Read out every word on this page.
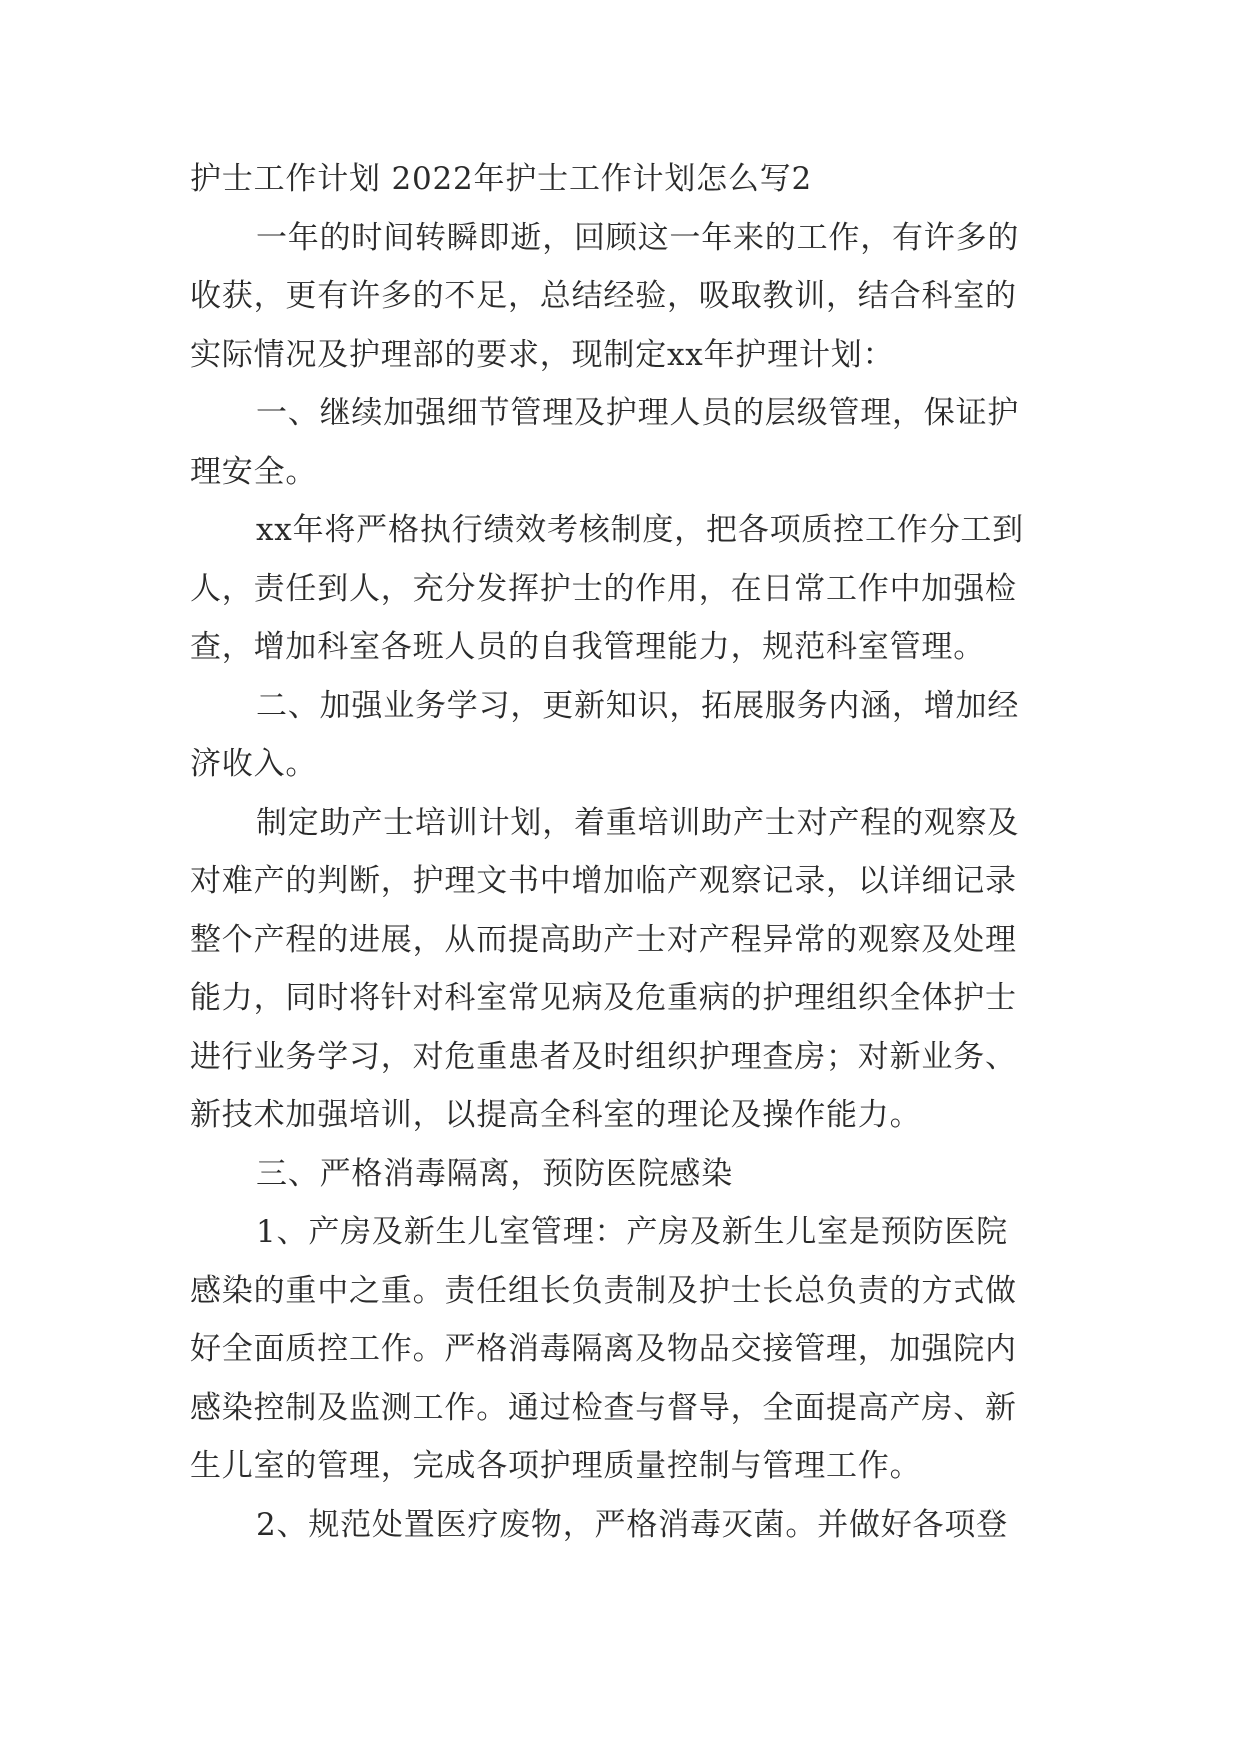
护士工作计划 2022年护士工作计划怎么写2
一年的时间转瞬即逝，回顾这一年来的工作，有许多的
收获，更有许多的不足，总结经验，吸取教训，结合科室的
实际情况及护理部的要求，现制定xx年护理计划：
一、继续加强细节管理及护理人员的层级管理，保证护
理安全。
xx年将严格执行绩效考核制度，把各项质控工作分工到
人，责任到人，充分发挥护士的作用，在日常工作中加强检
查，增加科室各班人员的自我管理能力，规范科室管理。
二、加强业务学习，更新知识，拓展服务内涵，增加经
济收入。
制定助产士培训计划，着重培训助产士对产程的观察及
对难产的判断，护理文书中增加临产观察记录，以详细记录
整个产程的进展，从而提高助产士对产程异常的观察及处理
能力，同时将针对科室常见病及危重病的护理组织全体护士
进行业务学习，对危重患者及时组织护理查房；对新业务、
新技术加强培训，以提高全科室的理论及操作能力。
三、严格消毒隔离，预防医院感染
1、产房及新生儿室管理：产房及新生儿室是预防医院
感染的重中之重。责任组长负责制及护士长总负责的方式做
好全面质控工作。严格消毒隔离及物品交接管理，加强院内
感染控制及监测工作。通过检查与督导，全面提高产房、新
生儿室的管理，完成各项护理质量控制与管理工作。
2、规范处置医疗废物，严格消毒灭菌。并做好各项登
